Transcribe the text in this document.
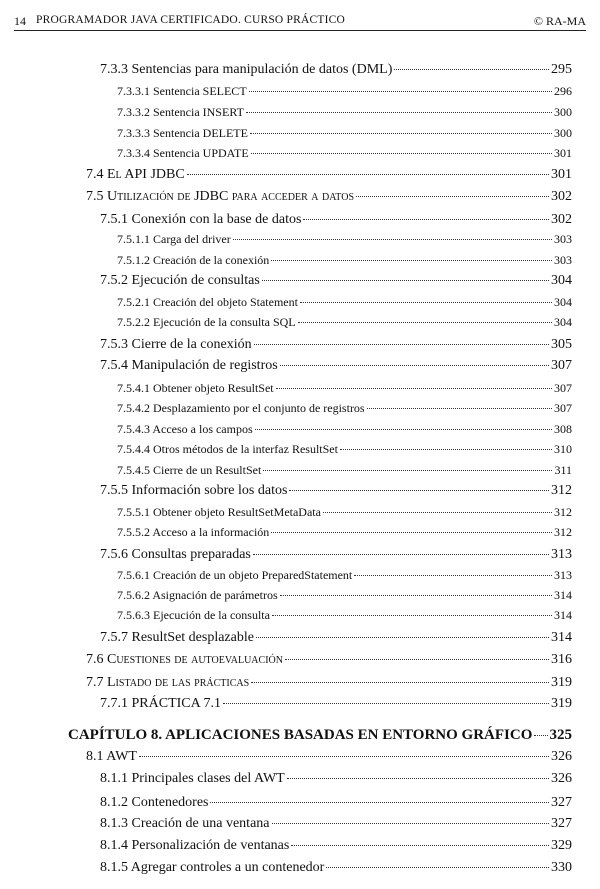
14 PROGRAMADOR JAVA CERTIFICADO. CURSO PRÁCTICO	© RA-MA
7.3.3 Sentencias para manipulación de datos (DML)	295
7.3.3.1 Sentencia SELECT	296
7.3.3.2 Sentencia INSERT	300
7.3.3.3 Sentencia DELETE	300
7.3.3.4 Sentencia UPDATE	301
7.4 El API JDBC	301
7.5 Utilización de JDBC para acceder a datos	302
7.5.1 Conexión con la base de datos	302
7.5.1.1 Carga del driver	303
7.5.1.2 Creación de la conexión	303
7.5.2 Ejecución de consultas	304
7.5.2.1 Creación del objeto Statement	304
7.5.2.2 Ejecución de la consulta SQL	304
7.5.3 Cierre de la conexión	305
7.5.4 Manipulación de registros	307
7.5.4.1 Obtener objeto ResultSet	307
7.5.4.2 Desplazamiento por el conjunto de registros	307
7.5.4.3 Acceso a los campos	308
7.5.4.4 Otros métodos de la interfaz ResultSet	310
7.5.4.5 Cierre de un ResultSet	311
7.5.5 Información sobre los datos	312
7.5.5.1 Obtener objeto ResultSetMetaData	312
7.5.5.2 Acceso a la información	312
7.5.6 Consultas preparadas	313
7.5.6.1 Creación de un objeto PreparedStatement	313
7.5.6.2 Asignación de parámetros	314
7.5.6.3 Ejecución de la consulta	314
7.5.7 ResultSet desplazable	314
7.6 Cuestiones de autoevaluación	316
7.7 Listado de las prácticas	319
7.7.1 PRÁCTICA 7.1	319
CAPÍTULO 8. APLICACIONES BASADAS EN ENTORNO GRÁFICO 325
8.1 AWT	326
8.1.1 Principales clases del AWT	326
8.1.2 Contenedores	327
8.1.3 Creación de una ventana	327
8.1.4 Personalización de ventanas	329
8.1.5 Agregar controles a un contenedor	330
